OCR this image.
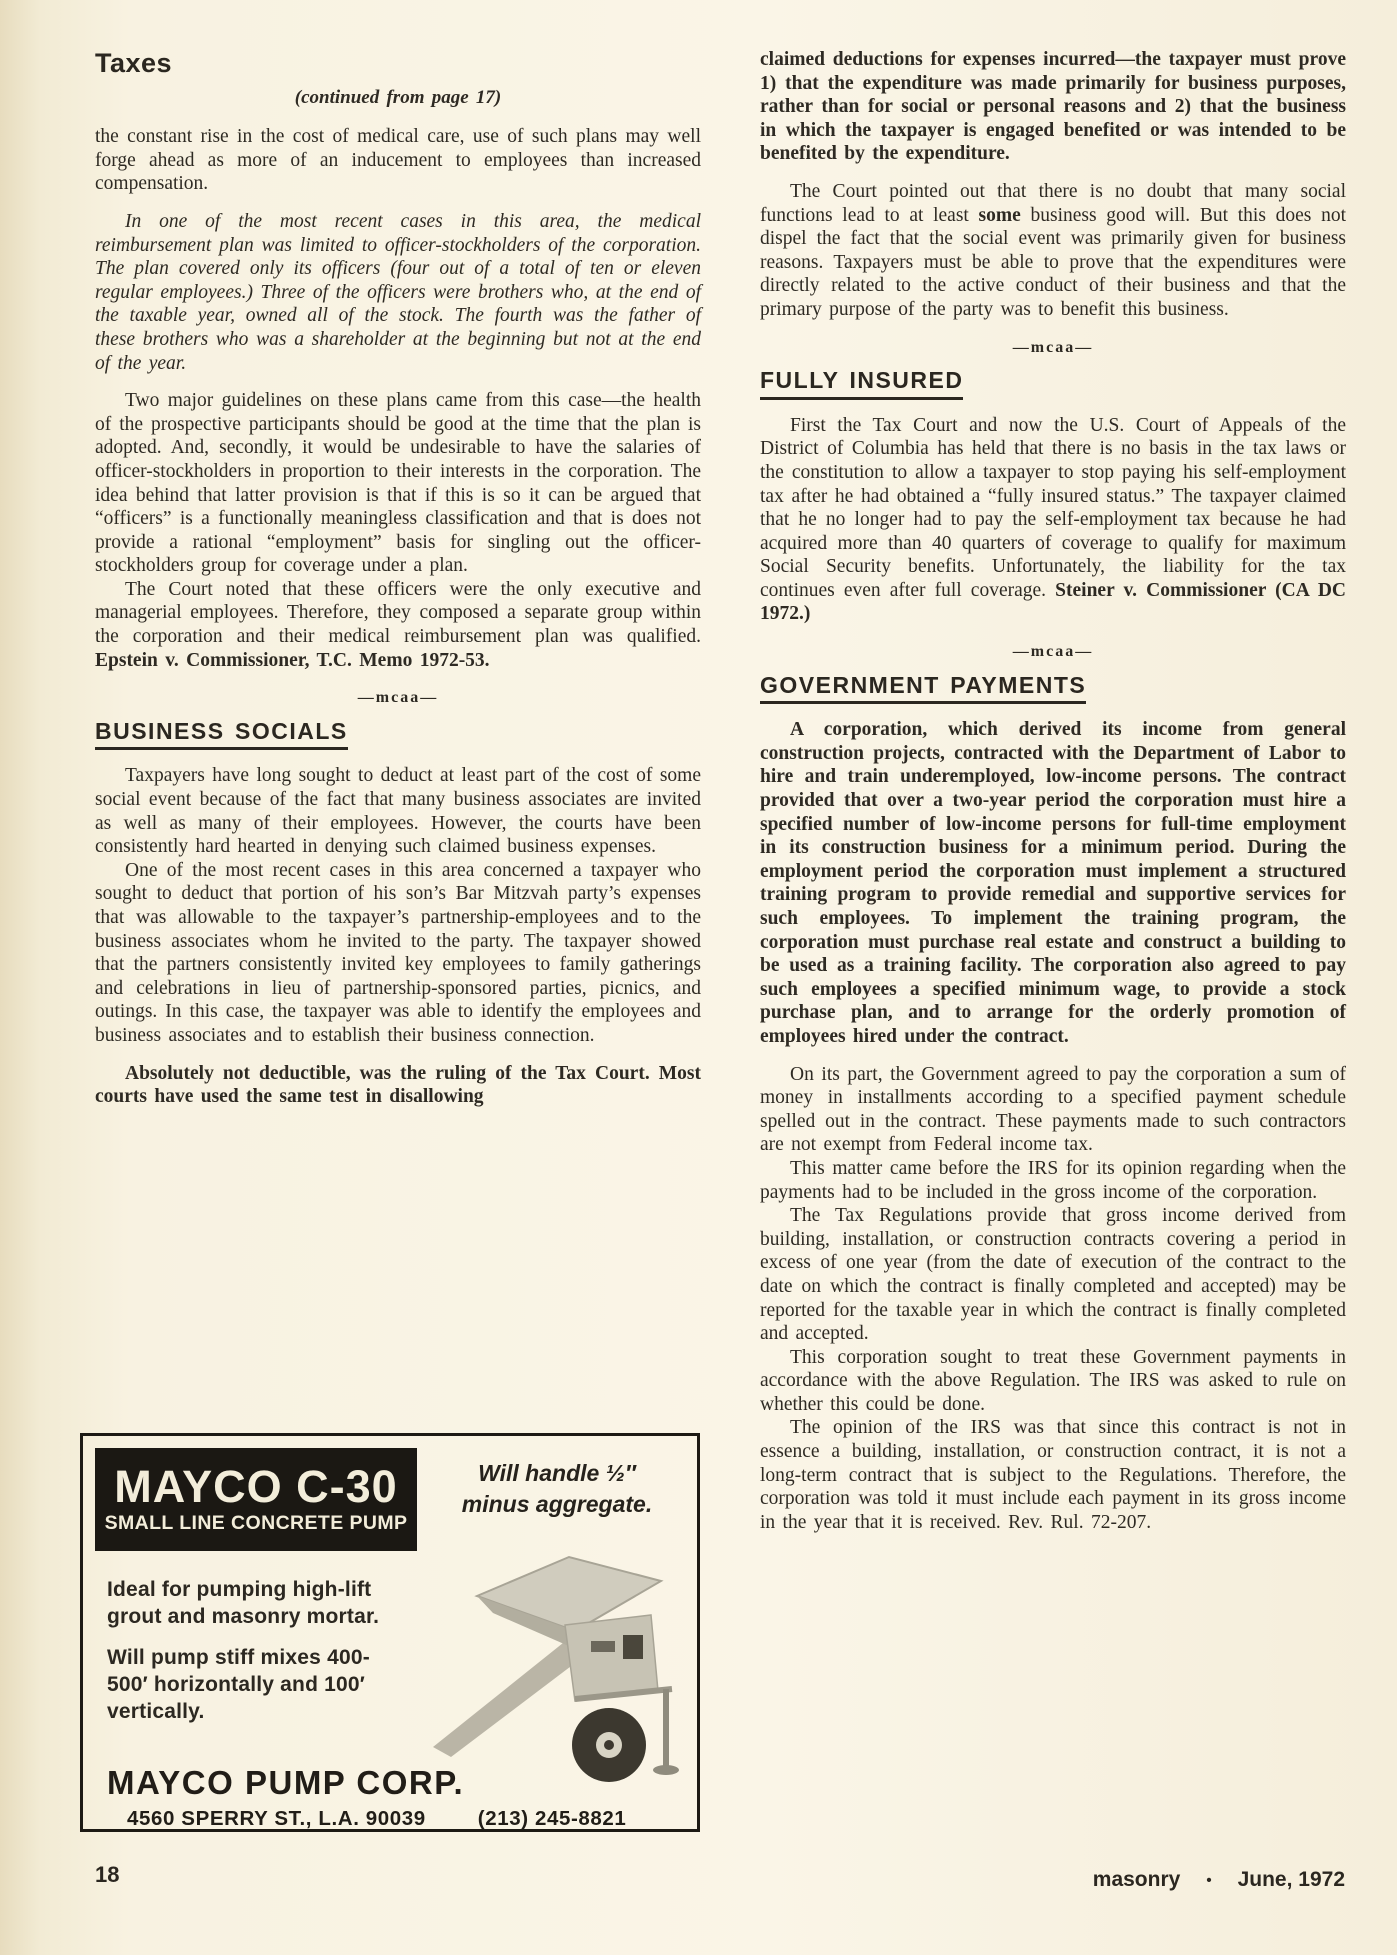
Taxes

(continued from page 17)

the constant rise in the cost of medical care, use of such plans may well forge ahead as more of an inducement to employees than increased compensation.

In one of the most recent cases in this area, the medical reimbursement plan was limited to officer-stockholders of the corporation. The plan covered only its officers (four out of a total of ten or eleven regular employees.) Three of the officers were brothers who, at the end of the taxable year, owned all of the stock. The fourth was the father of these brothers who was a shareholder at the beginning but not at the end of the year.

Two major guidelines on these plans came from this case—the health of the prospective participants should be good at the time that the plan is adopted. And, secondly, it would be undesirable to have the salaries of officer-stockholders in proportion to their interests in the corporation. The idea behind that latter provision is that if this is so it can be argued that “officers” is a functionally meaningless classification and that is does not provide a rational “employment” basis for singling out the officer-stockholders group for coverage under a plan.

The Court noted that these officers were the only executive and managerial employees. Therefore, they composed a separate group within the corporation and their medical reimbursement plan was qualified. Epstein v. Commissioner, T.C. Memo 1972-53.

—mcaa—

BUSINESS SOCIALS

Taxpayers have long sought to deduct at least part of the cost of some social event because of the fact that many business associates are invited as well as many of their employees. However, the courts have been consistently hard hearted in denying such claimed business expenses.

One of the most recent cases in this area concerned a taxpayer who sought to deduct that portion of his son’s Bar Mitzvah party’s expenses that was allowable to the taxpayer’s partnership-employees and to the business associates whom he invited to the party. The taxpayer showed that the partners consistently invited key employees to family gatherings and celebrations in lieu of partnership-sponsored parties, picnics, and outings. In this case, the taxpayer was able to identify the employees and business associates and to establish their business connection.

Absolutely not deductible, was the ruling of the Tax Court. Most courts have used the same test in disallowing

claimed deductions for expenses incurred—the taxpayer must prove 1) that the expenditure was made primarily for business purposes, rather than for social or personal reasons and 2) that the business in which the taxpayer is engaged benefited or was intended to be benefited by the expenditure.

The Court pointed out that there is no doubt that many social functions lead to at least some business good will. But this does not dispel the fact that the social event was primarily given for business reasons. Taxpayers must be able to prove that the expenditures were directly related to the active conduct of their business and that the primary purpose of the party was to benefit this business.

—mcaa—

FULLY INSURED

First the Tax Court and now the U.S. Court of Appeals of the District of Columbia has held that there is no basis in the tax laws or the constitution to allow a taxpayer to stop paying his self-employment tax after he had obtained a “fully insured status.” The taxpayer claimed that he no longer had to pay the self-employment tax because he had acquired more than 40 quarters of coverage to qualify for maximum Social Security benefits. Unfortunately, the liability for the tax continues even after full coverage. Steiner v. Commissioner (CA DC 1972.)

—mcaa—

GOVERNMENT PAYMENTS

A corporation, which derived its income from general construction projects, contracted with the Department of Labor to hire and train underemployed, low-income persons. The contract provided that over a two-year period the corporation must hire a specified number of low-income persons for full-time employment in its construction business for a minimum period. During the employment period the corporation must implement a structured training program to provide remedial and supportive services for such employees. To implement the training program, the corporation must purchase real estate and construct a building to be used as a training facility. The corporation also agreed to pay such employees a specified minimum wage, to provide a stock purchase plan, and to arrange for the orderly promotion of employees hired under the contract.

On its part, the Government agreed to pay the corporation a sum of money in installments according to a specified payment schedule spelled out in the contract. These payments made to such contractors are not exempt from Federal income tax.

This matter came before the IRS for its opinion regarding when the payments had to be included in the gross income of the corporation.

The Tax Regulations provide that gross income derived from building, installation, or construction contracts covering a period in excess of one year (from the date of execution of the contract to the date on which the contract is finally completed and accepted) may be reported for the taxable year in which the contract is finally completed and accepted.

This corporation sought to treat these Government payments in accordance with the above Regulation. The IRS was asked to rule on whether this could be done.

The opinion of the IRS was that since this contract is not in essence a building, installation, or construction contract, it is not a long-term contract that is subject to the Regulations. Therefore, the corporation was told it must include each payment in its gross income in the year that it is received. Rev. Rul. 72-207.

MAYCO C-30
SMALL LINE CONCRETE PUMP
Will handle ½″
minus aggregate.

Ideal for pumping high-lift grout and masonry mortar.

Will pump stiff mixes 400-500′ horizontally and 100′ vertically.

MAYCO PUMP CORP.
4560 SPERRY ST., L.A. 90039	(213) 245-8821
18	masonry • June, 1972
